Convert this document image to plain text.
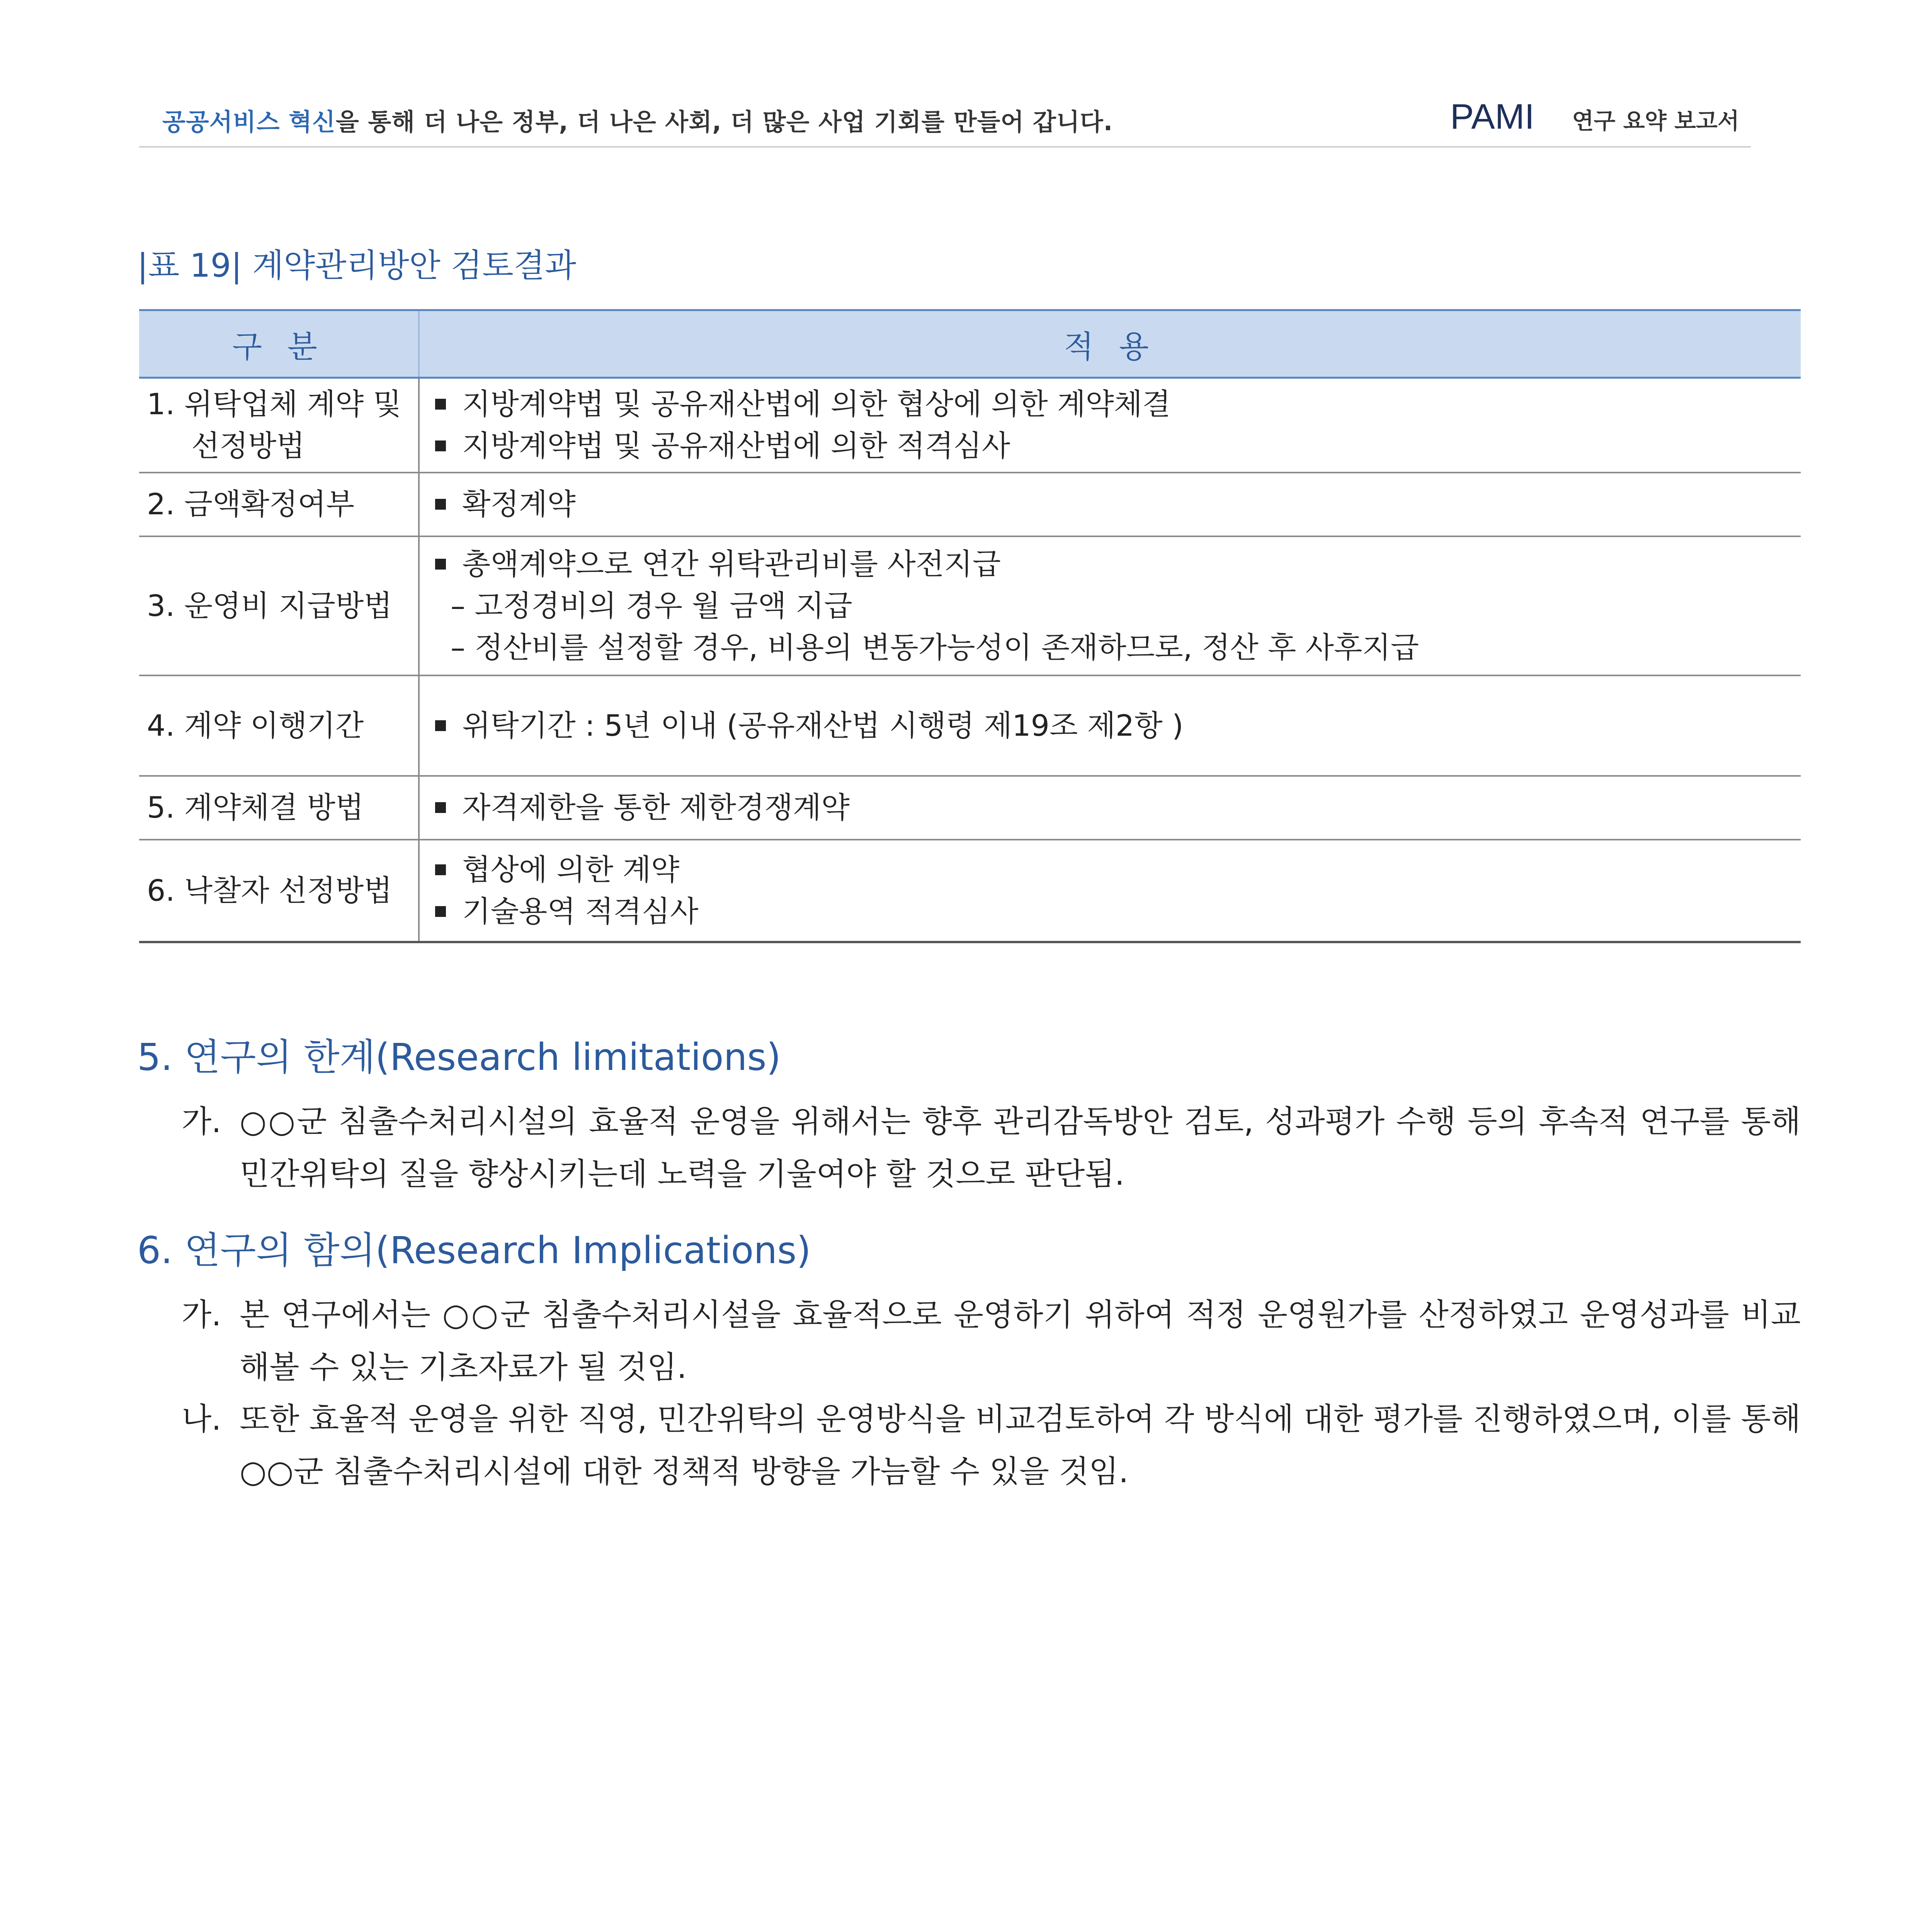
공공서비스 혁신을 통해 더 나은 정부, 더 나은 사회, 더 많은 사업 기회를 만들어 갑니다.	PAMI 연구 요약 보고서
|표 19| 계약관리방안 검토결과
구 분	적 용

1. 위탁업체 계약 및
선정방법	지방계약법 및 공유재산법에 의한 협상에 의한 계약체결
지방계약법 및 공유재산법에 의한 적격심사

2. 금액확정여부	확정계약

3. 운영비 지급방법	총액계약으로 연간 위탁관리비를 사전지급
– 고정경비의 경우 월 금액 지급
– 정산비를 설정할 경우, 비용의 변동가능성이 존재하므로, 정산 후 사후지급

4. 계약 이행기간	위탁기간 : 5년 이내 (공유재산법 시행령 제19조 제2항 )

5. 계약체결 방법	자격제한을 통한 제한경쟁계약

6. 낙찰자 선정방법	협상에 의한 계약
기술용역 적격심사
5. 연구의 한계(Research limitations)
가. ○○군 침출수처리시설의 효율적 운영을 위해서는 향후 관리감독방안 검토, 성과평가 수행 등의 후속적 연구를 통해 민간위탁의 질을 향상시키는데 노력을 기울여야 할 것으로 판단됨.
6. 연구의 함의(Research Implications)
가. 본 연구에서는 ○○군 침출수처리시설을 효율적으로 운영하기 위하여 적정 운영원가를 산정하였고 운영성과를 비교해볼 수 있는 기초자료가 될 것임.
나. 또한 효율적 운영을 위한 직영, 민간위탁의 운영방식을 비교검토하여 각 방식에 대한 평가를 진행하였으며, 이를 통해 ○○군 침출수처리시설에 대한 정책적 방향을 가늠할 수 있을 것임.
